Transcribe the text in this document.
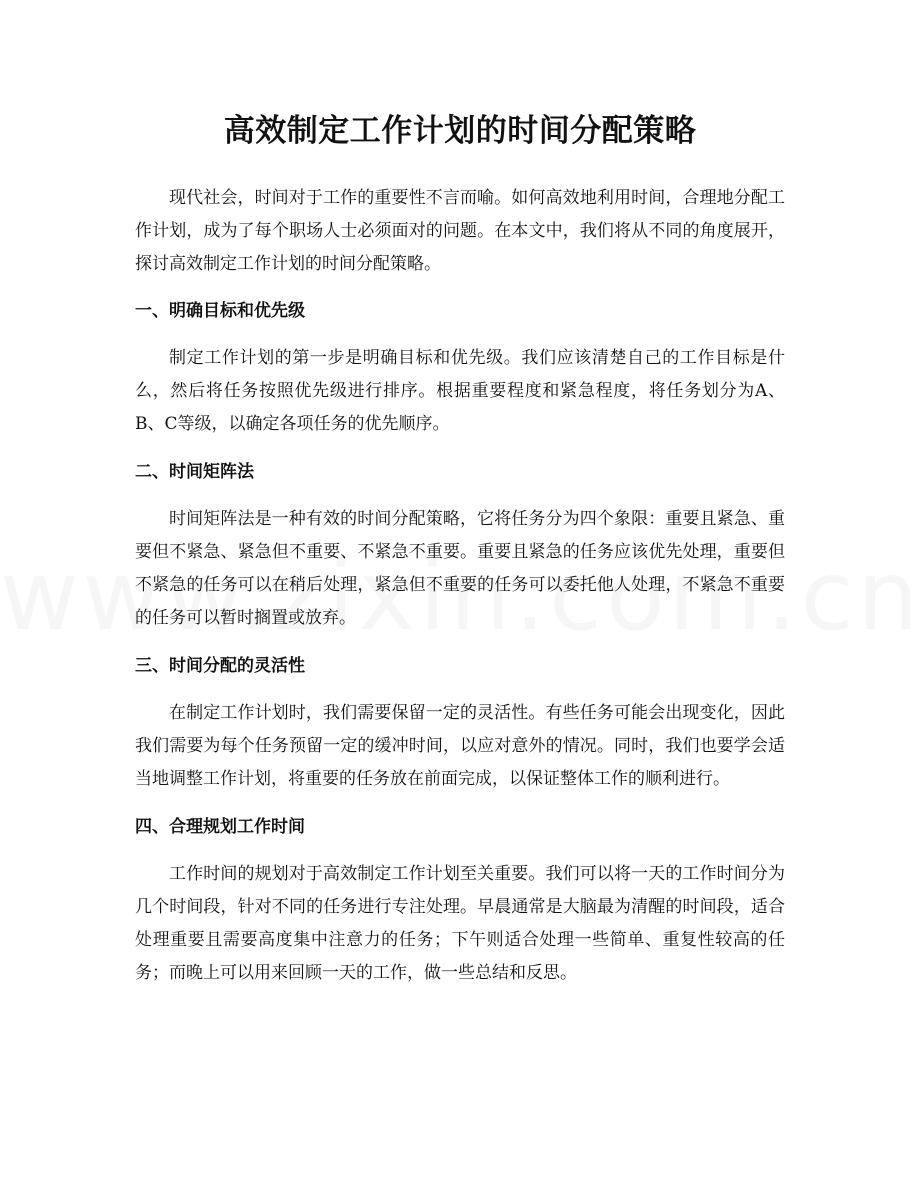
高效制定工作计划的时间分配策略

现代社会，时间对于工作的重要性不言而喻。如何高效地利用时间，合理地分配工作计划，成为了每个职场人士必须面对的问题。在本文中，我们将从不同的角度展开，探讨高效制定工作计划的时间分配策略。

一、明确目标和优先级

制定工作计划的第一步是明确目标和优先级。我们应该清楚自己的工作目标是什么，然后将任务按照优先级进行排序。根据重要程度和紧急程度，将任务划分为A、B、C等级，以确定各项任务的优先顺序。

二、时间矩阵法

时间矩阵法是一种有效的时间分配策略，它将任务分为四个象限：重要且紧急、重要但不紧急、紧急但不重要、不紧急不重要。重要且紧急的任务应该优先处理，重要但不紧急的任务可以在稍后处理，紧急但不重要的任务可以委托他人处理，不紧急不重要的任务可以暂时搁置或放弃。

三、时间分配的灵活性

在制定工作计划时，我们需要保留一定的灵活性。有些任务可能会出现变化，因此我们需要为每个任务预留一定的缓冲时间，以应对意外的情况。同时，我们也要学会适当地调整工作计划，将重要的任务放在前面完成，以保证整体工作的顺利进行。

四、合理规划工作时间

工作时间的规划对于高效制定工作计划至关重要。我们可以将一天的工作时间分为几个时间段，针对不同的任务进行专注处理。早晨通常是大脑最为清醒的时间段，适合处理重要且需要高度集中注意力的任务；下午则适合处理一些简单、重复性较高的任务；而晚上可以用来回顾一天的工作，做一些总结和反思。
